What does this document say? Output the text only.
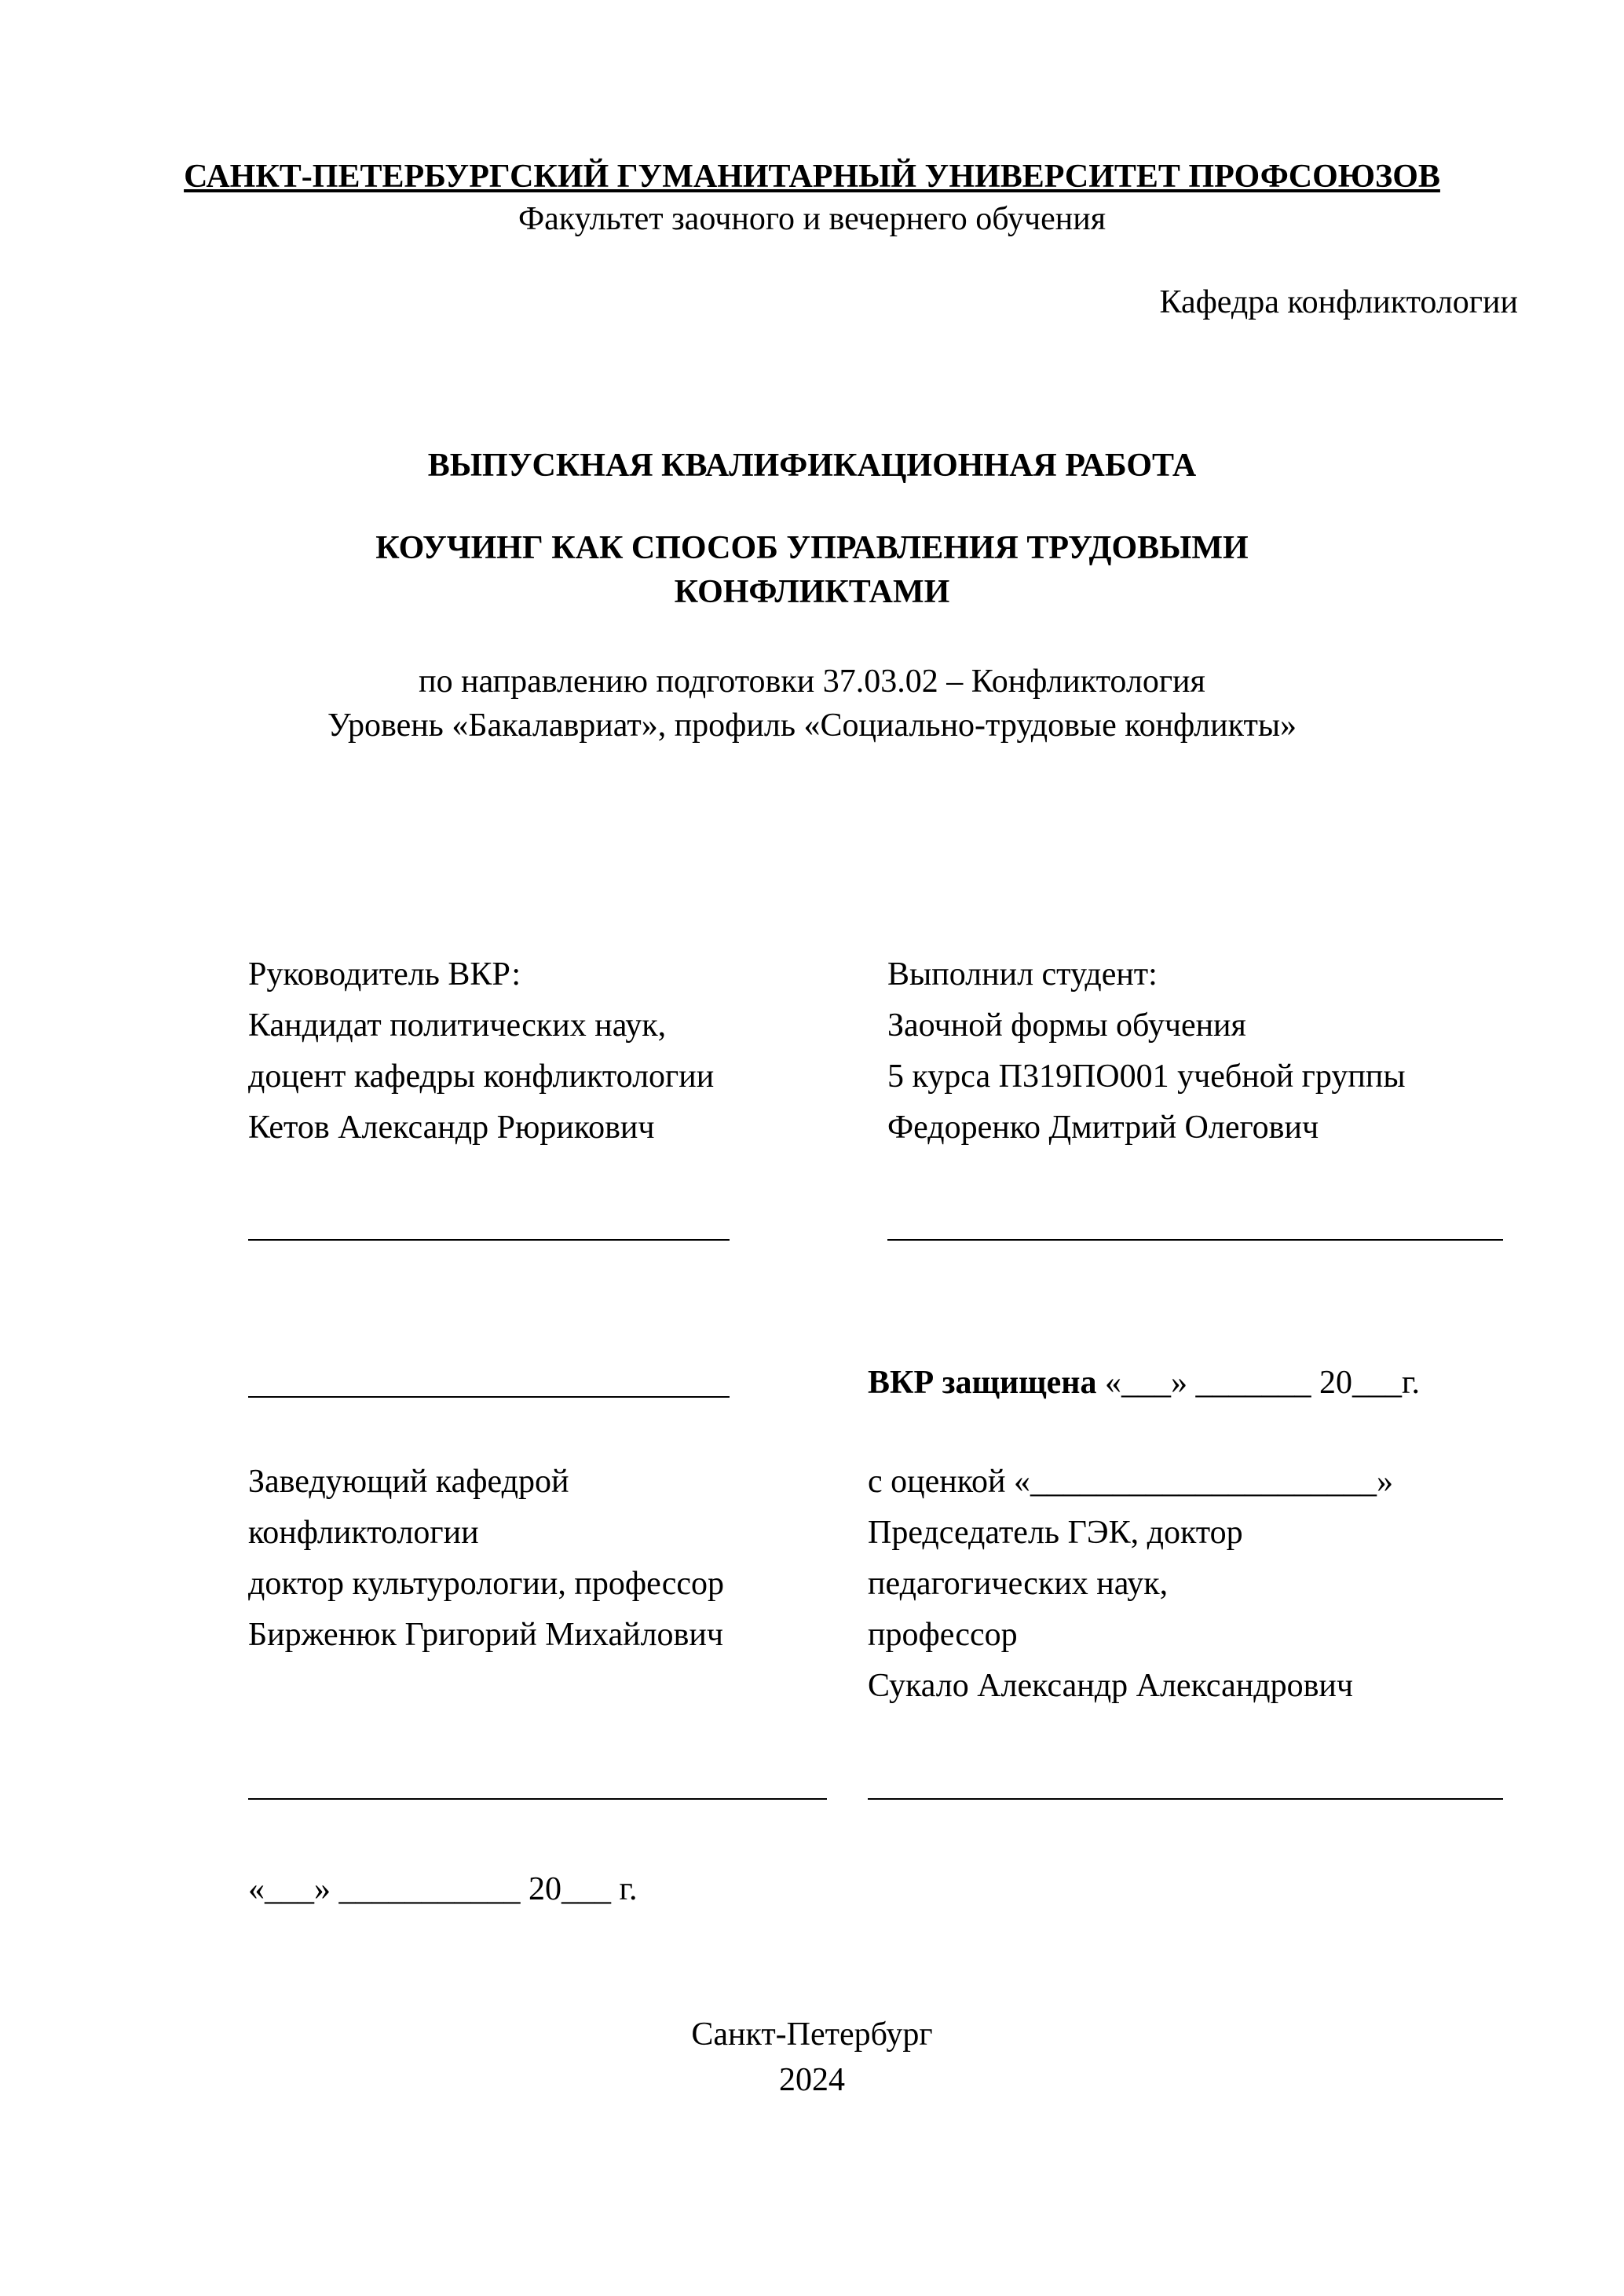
САНКТ-ПЕТЕРБУРГСКИЙ ГУМАНИТАРНЫЙ УНИВЕРСИТЕТ ПРОФСОЮЗОВ
Факультет заочного и вечернего обучения
Кафедра конфликтологии
ВЫПУСКНАЯ КВАЛИФИКАЦИОННАЯ РАБОТА
КОУЧИНГ КАК СПОСОБ УПРАВЛЕНИЯ ТРУДОВЫМИ
КОНФЛИКТАМИ
по направлению подготовки 37.03.02 – Конфликтология
Уровень «Бакалавриат», профиль «Социально-трудовые конфликты»
Руководитель ВКР:
Кандидат политических наук,
доцент кафедры конфликтологии
Кетов Александр Рюрикович
Выполнил студент:
Заочной формы обучения
5 курса П319ПО001 учебной группы
Федоренко Дмитрий Олегович
ВКР защищена «___» _______ 20___г.
Заведующий кафедрой
конфликтологии
доктор культурологии, профессор
Бирженюк Григорий Михайлович
с оценкой «_____________________»
Председатель ГЭК, доктор
педагогических наук,
профессор
Сукало Александр Александрович
«___» ___________ 20___ г.
Санкт-Петербург
2024
